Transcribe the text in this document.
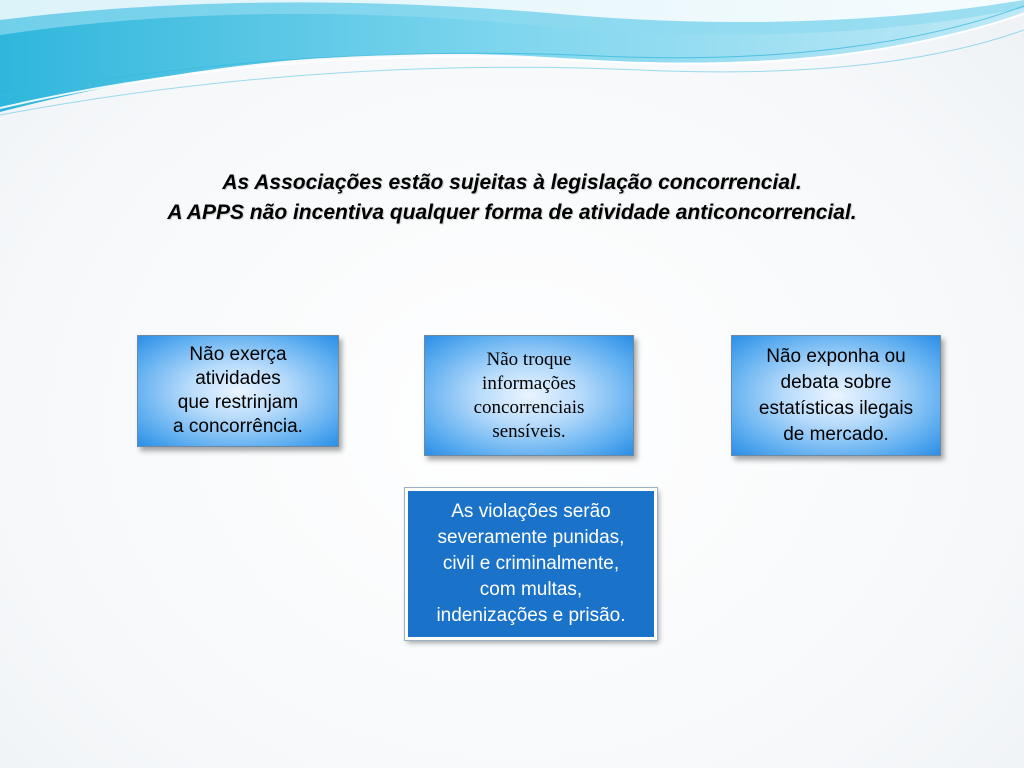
As Associações estão sujeitas à legislação concorrencial.
A APPS não incentiva qualquer forma de atividade anticoncorrencial.
Não exerça
atividades
que restrinjam
a concorrência.
Não troque
informações
concorrenciais
sensíveis.
Não exponha ou
debata sobre
estatísticas ilegais
de mercado.
As violações serão
severamente punidas,
civil e criminalmente,
com multas,
indenizações e prisão.
